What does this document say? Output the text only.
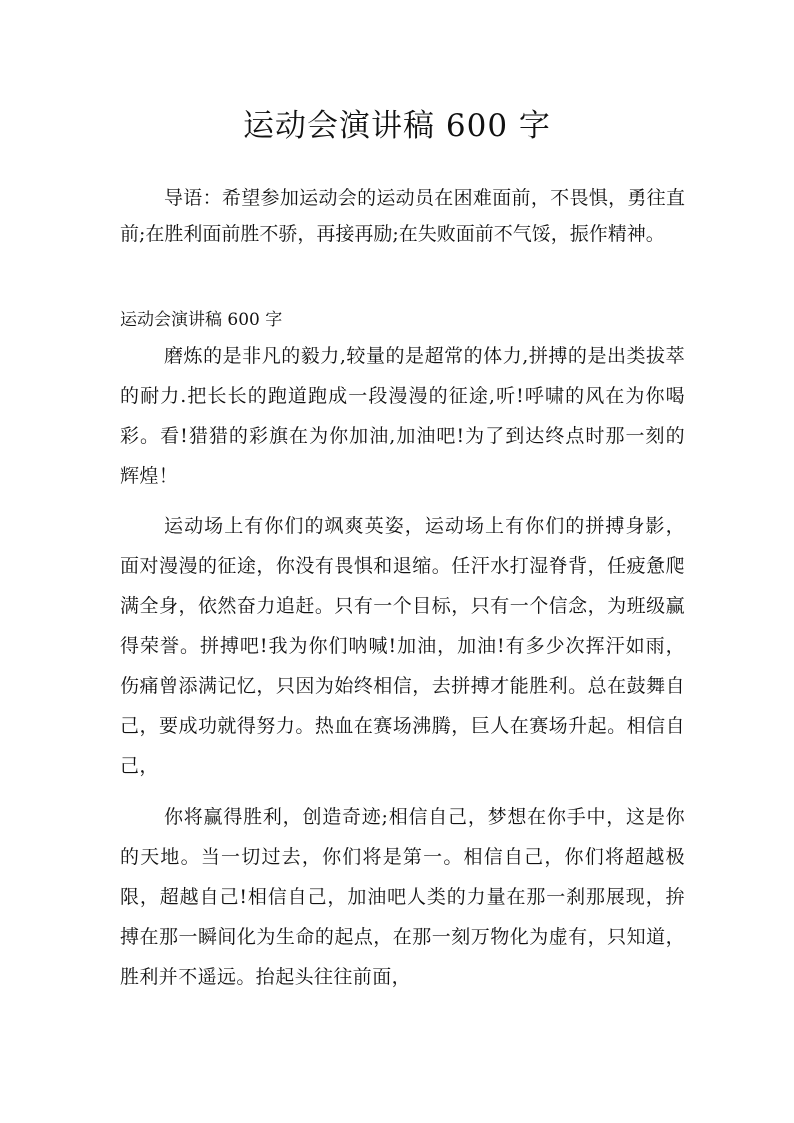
运动会演讲稿 600 字

导语：希望参加运动会的运动员在困难面前，不畏惧，勇往直前;在胜利面前胜不骄，再接再励;在失败面前不气馁，振作精神。

运动会演讲稿 600 字

磨炼的是非凡的毅力,较量的是超常的体力,拼搏的是出类拔萃的耐力.把长长的跑道跑成一段漫漫的征途,听!呼啸的风在为你喝彩。看!猎猎的彩旗在为你加油,加油吧!为了到达终点时那一刻的辉煌！

运动场上有你们的飒爽英姿，运动场上有你们的拼搏身影，面对漫漫的征途，你没有畏惧和退缩。任汗水打湿脊背，任疲惫爬满全身，依然奋力追赶。只有一个目标，只有一个信念，为班级赢得荣誉。拼搏吧!我为你们呐喊!加油，加油!有多少次挥汗如雨，伤痛曾添满记忆，只因为始终相信，去拼搏才能胜利。总在鼓舞自己，要成功就得努力。热血在赛场沸腾，巨人在赛场升起。相信自己，

你将赢得胜利，创造奇迹;相信自己，梦想在你手中，这是你的天地。当一切过去，你们将是第一。相信自己，你们将超越极限，超越自己!相信自己，加油吧人类的力量在那一刹那展现，拚搏在那一瞬间化为生命的起点，在那一刻万物化为虚有，只知道，胜利并不遥远。抬起头往往前面，
